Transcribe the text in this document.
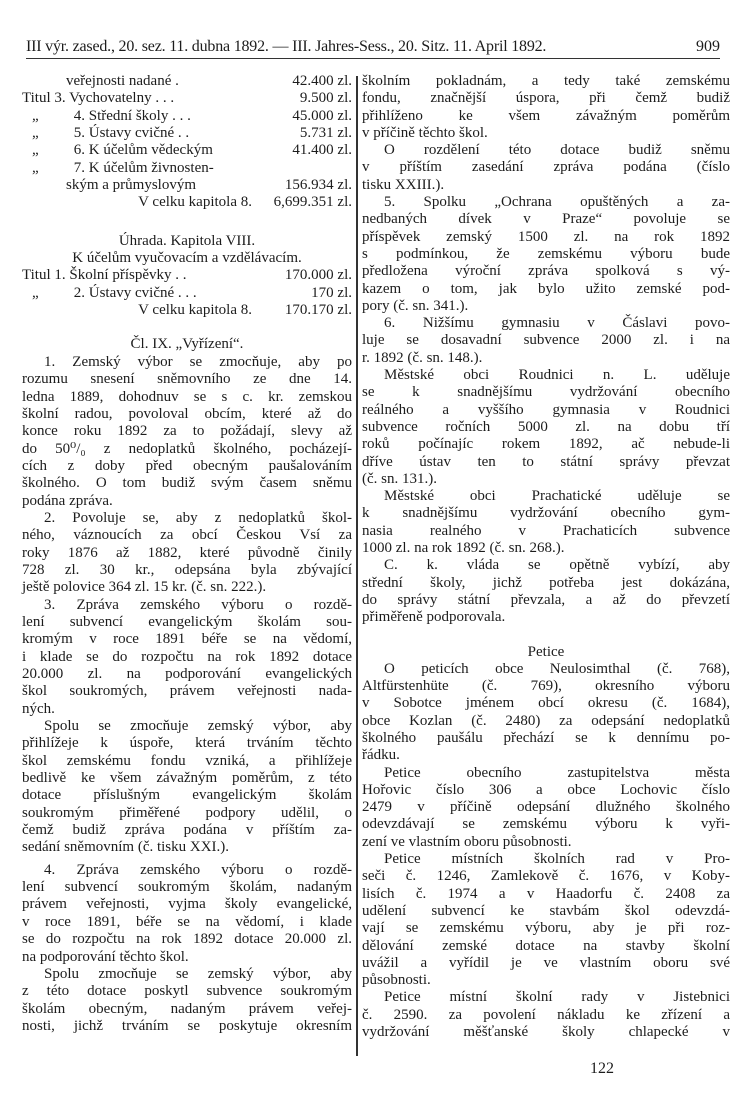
III výr. zased., 20. sez. 11. dubna 1892. — III. Jahres-Sess., 20. Sitz. 11. April 1892.	909
veřejnosti nadané .	42.400 zl.
Titul 3. Vychovatelny . . .	9.500 zl.
„ 4. Střední školy . . .	45.000 zl.
„ 5. Ústavy cvičné . .	5.731 zl.
„ 6. K účelům vědeckým	41.400 zl.
„ 7. K účelům živnosten-
ským a průmyslovým	156.934 zl.
V celku kapitola 8.	6,699.351 zl.
Úhrada. Kapitola VIII.
K účelům vyučovacím a vzdělávacím.
Titul 1. Školní příspěvky . .	170.000 zl.
„ 2. Ústavy cvičné . . .	170 zl.
V celku kapitola 8.	170.170 zl.
Čl. IX. „Vyřízení“.
1. Zemský výbor se zmocňuje, aby po
rozumu snesení sněmovního ze dne 14.
ledna 1889, dohodnuv se s c. kr. zemskou
školní radou, povoloval obcím, které až do
konce roku 1892 za to požádají, slevy až
do 50⁰/₀ z nedoplatků školného, pocházejí-
cích z doby před obecným paušalováním
školného. O tom budiž svým časem sněmu
podána zpráva.
2. Povoluje se, aby z nedoplatků škol-
ného, váznoucích za obcí Českou Vsí za
roky 1876 až 1882, které původně činily
728 zl. 30 kr., odepsána byla zbývající
ještě polovice 364 zl. 15 kr. (č. sn. 222.).
3. Zpráva zemského výboru o rozdě-
lení subvencí evangelickým školám sou-
kromým v roce 1891 béře se na vědomí,
i klade se do rozpočtu na rok 1892 dotace
20.000 zl. na podporování evangelických
škol soukromých, právem veřejnosti nada-
ných.
Spolu se zmocňuje zemský výbor, aby
přihlížeje k úspoře, která trváním těchto
škol zemskému fondu vzniká, a přihlížeje
bedlivě ke všem závažným poměrům, z této
dotace příslušným evangelickým školám
soukromým přiměřené podpory udělil, o
čemž budiž zpráva podána v příštím za-
sedání sněmovním (č. tisku XXI.).
4. Zpráva zemského výboru o rozdě-
lení subvencí soukromým školám, nadaným
právem veřejnosti, vyjma školy evangelické,
v roce 1891, béře se na vědomí, i klade
se do rozpočtu na rok 1892 dotace 20.000 zl.
na podporování těchto škol.
Spolu zmocňuje se zemský výbor, aby
z této dotace poskytl subvence soukromým
školám obecným, nadaným právem veřej-
nosti, jichž trváním se poskytuje okresním
školním pokladnám, a tedy také zemskému
fondu, značnější úspora, při čemž budiž
přihlíženo ke všem závažným poměrům
v příčině těchto škol.
O rozdělení této dotace budiž sněmu
v příštím zasedání zpráva podána (číslo
tisku XXIII.).
5. Spolku „Ochrana opuštěných a za-
nedbaných dívek v Praze“ povoluje se
příspěvek zemský 1500 zl. na rok 1892
s podmínkou, že zemskému výboru bude
předložena výroční zpráva spolková s vý-
kazem o tom, jak bylo užito zemské pod-
pory (č. sn. 341.).
6. Nižšímu gymnasiu v Čáslavi povo-
luje se dosavadní subvence 2000 zl. i na
r. 1892 (č. sn. 148.).
Městské obci Roudnici n. L. uděluje
se k snadnějšímu vydržování obecního
reálného a vyššího gymnasia v Roudnici
subvence ročních 5000 zl. na dobu tří
roků počínajíc rokem 1892, ač nebude-li
dříve ústav ten to státní správy převzat
(č. sn. 131.).
Městské obci Prachatické uděluje se
k snadnějšímu vydržování obecního gym-
nasia realného v Prachaticích subvence
1000 zl. na rok 1892 (č. sn. 268.).
C. k. vláda se opětně vybízí, aby
střední školy, jichž potřeba jest dokázána,
do správy státní převzala, a až do převzetí
přiměřeně podporovala.
Petice
O peticích obce Neulosimthal (č. 768),
Altfürstenhüte (č. 769), okresního výboru
v Sobotce jménem obcí okresu (č. 1684),
obce Kozlan (č. 2480) za odepsání nedoplatků
školného paušálu přechází se k dennímu po-
řádku.
Petice obecního zastupitelstva města
Hořovic číslo 306 a obce Lochovic číslo
2479 v příčině odepsání dlužného školného
odevzdávají se zemskému výboru k vyři-
zení ve vlastním oboru působnosti.
Petice místních školních rad v Pro-
seči č. 1246, Zamlekově č. 1676, v Koby-
lisích č. 1974 a v Haadorfu č. 2408 za
udělení subvencí ke stavbám škol odevzdá-
vají se zemskému výboru, aby je při roz-
dělování zemské dotace na stavby školní
uvážil a vyřídil je ve vlastním oboru své
působnosti.
Petice místní školní rady v Jistebnici
č. 2590. za povolení nákladu ke zřízení a
vydržování měšťanské školy chlapecké v
122
